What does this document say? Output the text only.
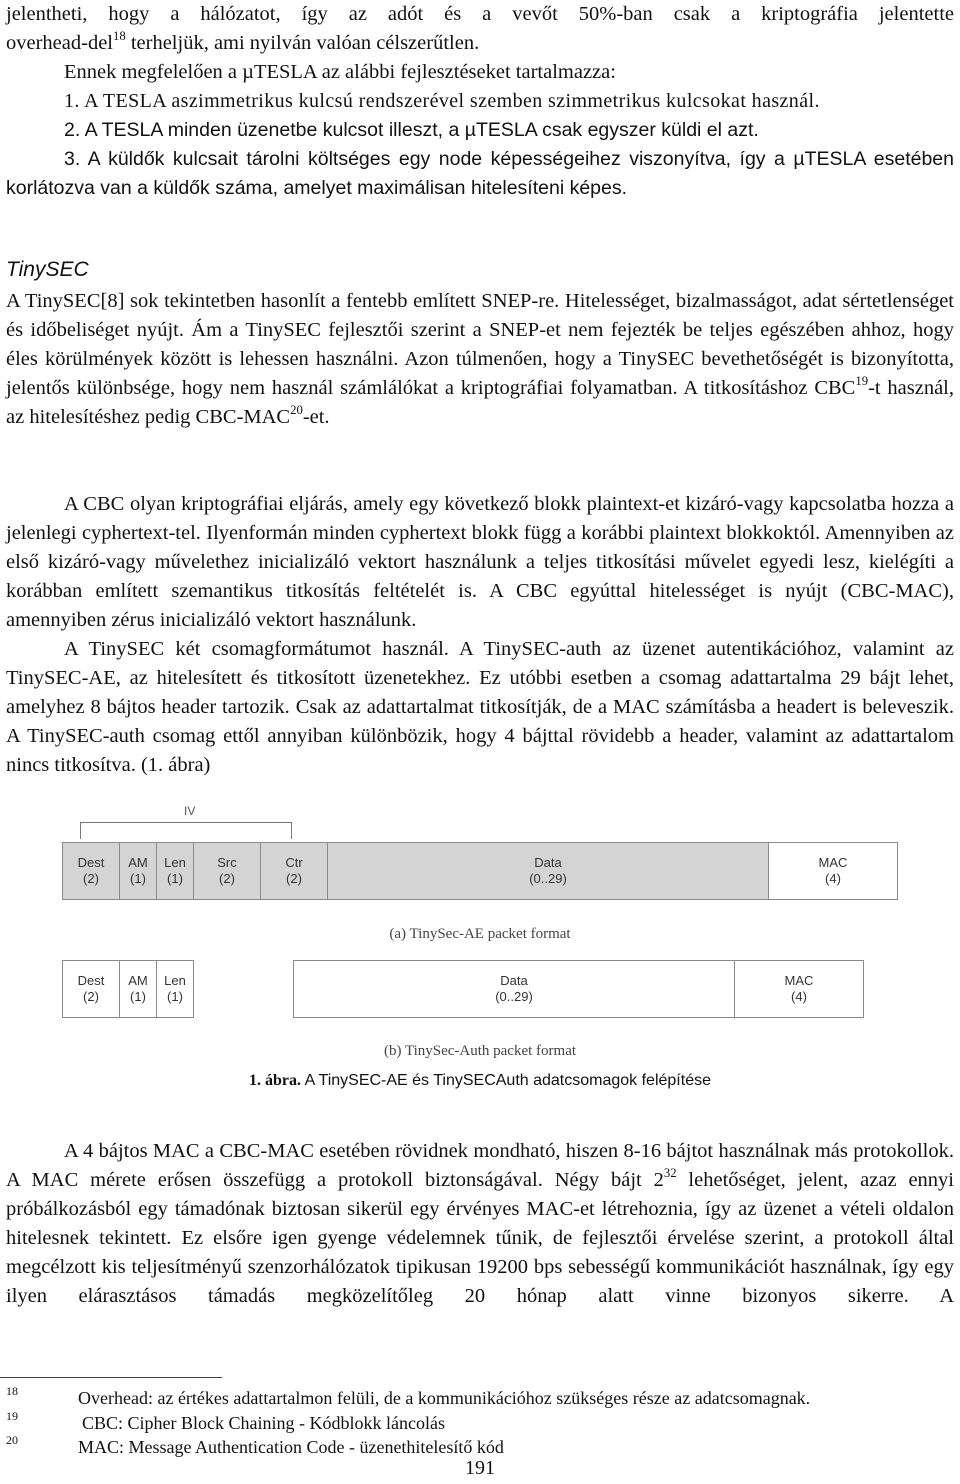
jelentheti, hogy a hálózatot, így az adót és a vevőt 50%-ban csak a kriptográfia jelentette

overhead-del$^{18}$ terheljük, ami nyilván valóan célszerűtlen.

Ennek megfelelően a µTESLA az alábbi fejlesztéseket tartalmazza:

1. A TESLA aszimmetrikus kulcsú rendszerével szemben szimmetrikus kulcsokat használ.

2. A TESLA minden üzenetbe kulcsot illeszt, a µTESLA csak egyszer küldi el azt.

3. A küldők kulcsait tárolni költséges egy node képességeihez viszonyítva, így a µTESLA esetében korlátozva van a küldők száma, amelyet maximálisan hitelesíteni képes.

TinySEC

A TinySEC[8] sok tekintetben hasonlít a fentebb említett SNEP-re. Hitelességet, bizalmasságot, adat sértetlenséget és időbeliséget nyújt. Ám a TinySEC fejlesztői szerint a SNEP-et nem fejezték be teljes egészében ahhoz, hogy éles körülmények között is lehessen használni. Azon túlmenően, hogy a TinySEC bevethetőségét is bizonyította, jelentős különbsége, hogy nem használ számlálókat a kriptográfiai folyamatban. A titkosításhoz CBC$^{19}$-t használ, az hitelesítéshez pedig CBC-MAC$^{20}$-et.

A CBC olyan kriptográfiai eljárás, amely egy következő blokk plaintext-et kizáró-vagy kapcsolatba hozza a jelenlegi cyphertext-tel. Ilyenformán minden cyphertext blokk függ a korábbi plaintext blokkoktól. Amennyiben az első kizáró-vagy művelethez inicializáló vektort használunk a teljes titkosítási művelet egyedi lesz, kielégíti a korábban említett szemantikus titkosítás feltételét is. A CBC egyúttal hitelességet is nyújt (CBC-MAC), amennyiben zérus inicializáló vektort használunk.

A TinySEC két csomagformátumot használ. A TinySEC-auth az üzenet autentikációhoz, valamint az TinySEC-AE, az hitelesített és titkosított üzenetekhez. Ez utóbbi esetben a csomag adattartalma 29 bájt lehet, amelyhez 8 bájtos header tartozik. Csak az adattartalmat titkosítják, de a MAC számításba a headert is beleveszik. A TinySEC-auth csomag ettől annyiban különbözik, hogy 4 bájttal rövidebb a header, valamint az adattartalom nincs titkosítva. (1. ábra)

IV
Dest
(2)
AM
(1)
Len
(1)
Src
(2)
Ctr
(2)
Data
(0..29)
MAC
(4)
(a) TinySec-AE packet format
Dest
(2)
AM
(1)
Len
(1)
Data
(0..29)
MAC
(4)
(b) TinySec-Auth packet format
1. ábra. A TinySEC-AE és TinySECAuth adatcsomagok felépítése

A 4 bájtos MAC a CBC-MAC esetében rövidnek mondható, hiszen 8-16 bájtot használnak más protokollok. A MAC mérete erősen összefügg a protokoll biztonságával. Négy bájt $2^{32}$ lehetőséget, jelent, azaz ennyi próbálkozásból egy támadónak biztosan sikerül egy érvényes MAC-et létrehoznia, így az üzenet a vételi oldalon hitelesnek tekintett. Ez elsőre igen gyenge védelemnek tűnik, de fejlesztői érvelése szerint, a protokoll által megcélzott kis teljesítményű szenzorhálózatok tipikusan 19200 bps sebességű kommunikációt használnak, így egy ilyen elárasztásos támadás megközelítőleg 20 hónap alatt vinne bizonyos sikerre. A

18	Overhead: az értékes adattartalmon felüli, de a kommunikációhoz szükséges része az adatcsomagnak.
19	CBC: Cipher Block Chaining - Kódblokk láncolás
20	MAC: Message Authentication Code - üzenethitelesítő kód
191
